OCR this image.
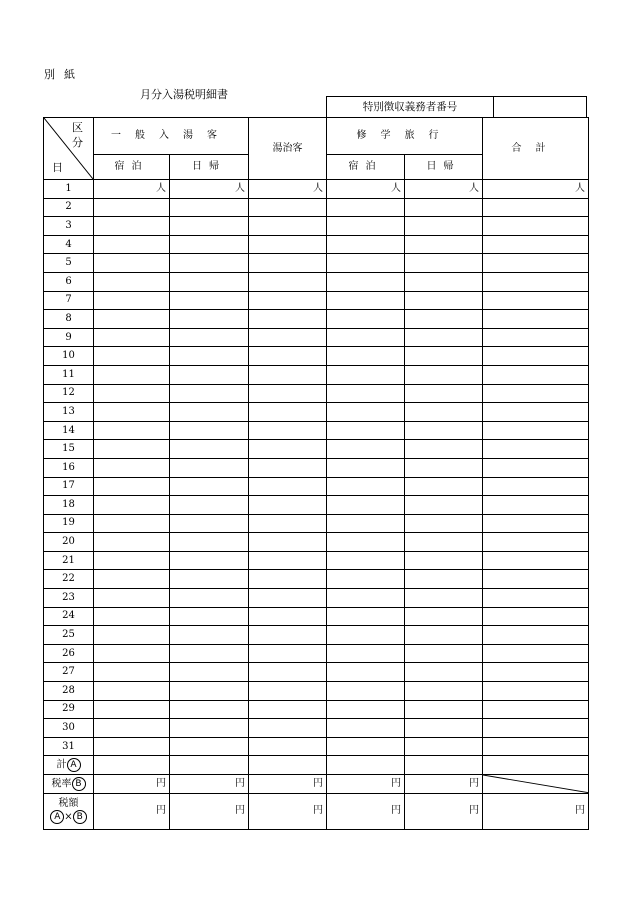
別紙
月分入湯税明細書
特別徴収義務者番号
区
分
日	一般入湯客		湯治客	修学旅行		合計
	宿泊	日帰		宿泊	日帰	
1	人	人	人	人	人	人
2						
3						
4						
5						
6						
7						
8						
9						
10						
11						
12						
13						
14						
15						
16						
17						
18						
19						
20						
21						
22						
23						
24						
25						
26						
27						
28						
29						
30						
31						
計 A						
税率 B	円	円	円	円	円	

税額
A × B	円	円	円	円	円	円
